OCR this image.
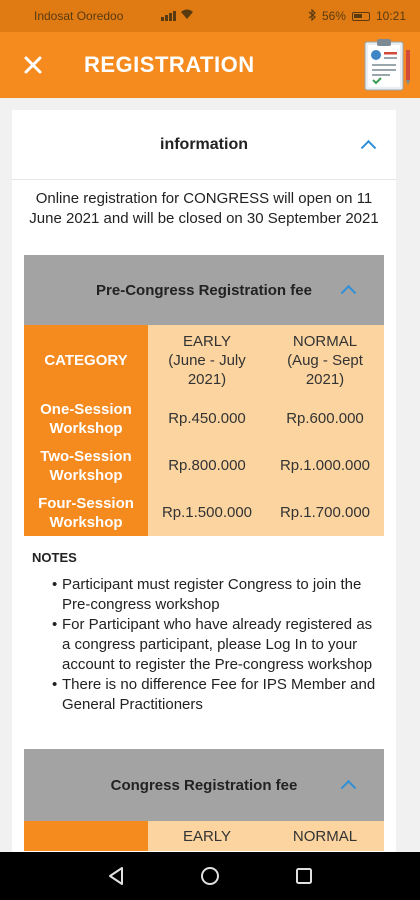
Indosat Ooredoo	56%	10:21
REGISTRATION
information
Online registration for CONGRESS will open on 11 June 2021 and will be closed on 30 September 2021
Pre-Congress Registration fee
CATEGORY	EARLY
(June - July
2021)	NORMAL
(Aug - Sept
2021)
One-Session Workshop	Rp.450.000	Rp.600.000
Two-Session Workshop	Rp.800.000	Rp.1.000.000
Four-Session Workshop	Rp.1.500.000	Rp.1.700.000
NOTES
• Participant must register Congress to join the Pre-congress workshop
• For Participant who have already registered as a congress participant, please Log In to your account to register the Pre-congress workshop
• There is no difference Fee for IPS Member and General Practitioners
Congress Registration fee
EARLY	NORMAL
